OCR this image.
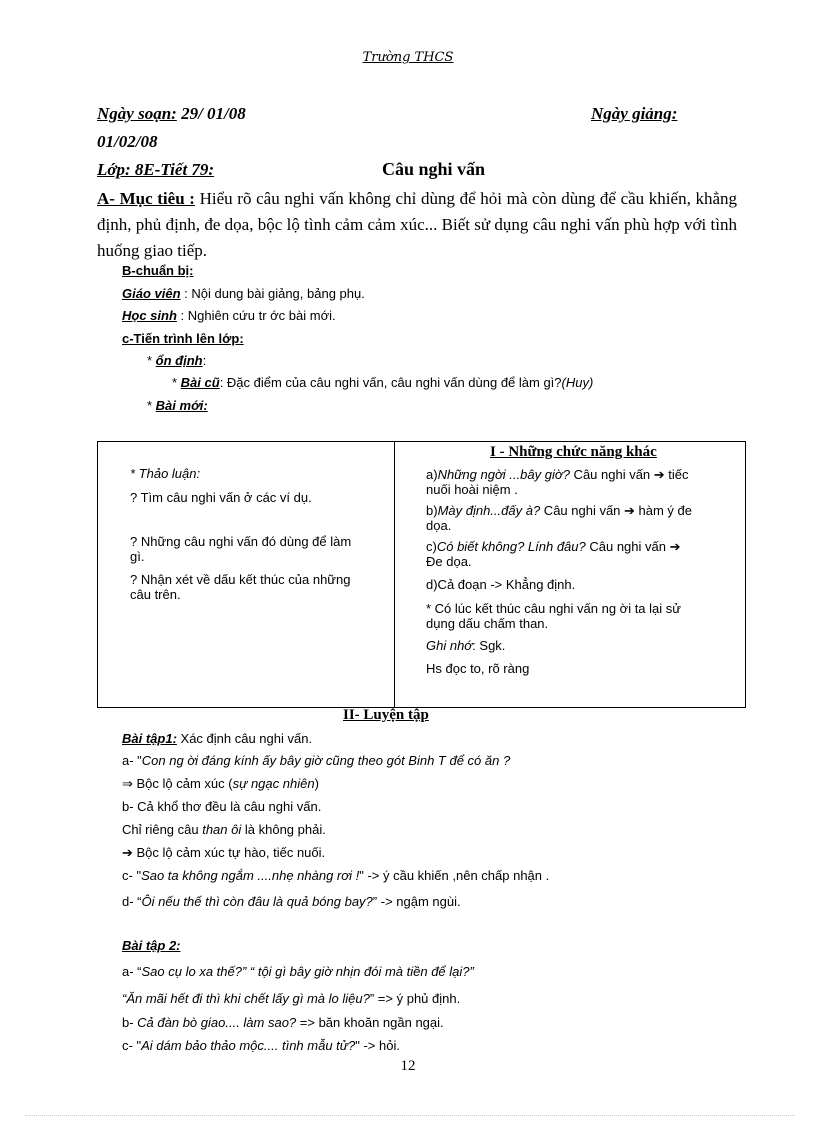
Trường THCS
Ngày soạn: 29/ 01/08	Ngày giảng:
01/02/08
Lớp: 8E-Tiết 79:	Câu nghi vấn
A- Mục tiêu : Hiểu rõ câu nghi vấn không chỉ dùng để hỏi mà còn dùng để cầu khiến, khẳng định, phủ định, đe dọa, bộc lộ tình cảm cảm xúc... Biết sử dụng câu nghi vấn phù hợp với tình huống giao tiếp.
B-chuẩn bị:
Giáo viên : Nội dung bài giảng, bảng phụ.
Học sinh : Nghiên cứu tr ớc bài mới.
c-Tiến trình lên lớp:
* ổn định:
* Bài cũ: Đặc điểm của câu nghi vấn, câu nghi vấn dùng để làm gì?(Huy)
* Bài mới:
* Thảo luận:
? Tìm câu nghi vấn ở các ví dụ.
? Những câu nghi vấn đó dùng để làm
gì.
? Nhận xét về dấu kết thúc của những
câu trên.

I - Những chức năng khác
a)Những ngời ...bây giờ? Câu nghi vấn ➔ tiếc
nuối hoài niệm .
b)Mày định...đấy à? Câu nghi vấn ➔ hàm ý đe
dọa.
c)Có biết không? Lính đâu? Câu nghi vấn ➔
Đe dọa.
d)Cả đoạn -> Khẳng định.
* Có lúc kết thúc câu nghi vấn ng ời ta lại sử
dụng dấu chấm than.
Ghi nhớ: Sgk.
Hs đọc to, rõ ràng
II- Luyện tập
Bài tập1: Xác định câu nghi vấn.
a- "Con ng ời đáng kính ấy bây giờ cũng theo gót Binh T để có ăn ?
⇒ Bộc lộ cảm xúc (sự ngạc nhiên)
b- Cả khổ thơ đều là câu nghi vấn.
Chỉ riêng câu than ôi là không phải.
➔ Bộc lộ cảm xúc tự hào, tiếc nuối.
c- "Sao ta không ngắm ....nhẹ nhàng rơi !" -> ý cầu khiến ,nên chấp nhận .
d- “Ôi nếu thế thì còn đâu là quả bóng bay?” -> ngậm ngùi.
Bài tập 2:
a- “Sao cụ lo xa thế?” “ tội gì bây giờ nhịn đói mà tiền để lại?”
“Ăn mãi hết đi thì khi chết lấy gì mà lo liệu?” => ý phủ định.
b- Cả đàn bò giao.... làm sao? => băn khoăn ngần ngại.
c- "Ai dám bảo thảo mộc.... tình mẫu tử?" -> hỏi.
12
